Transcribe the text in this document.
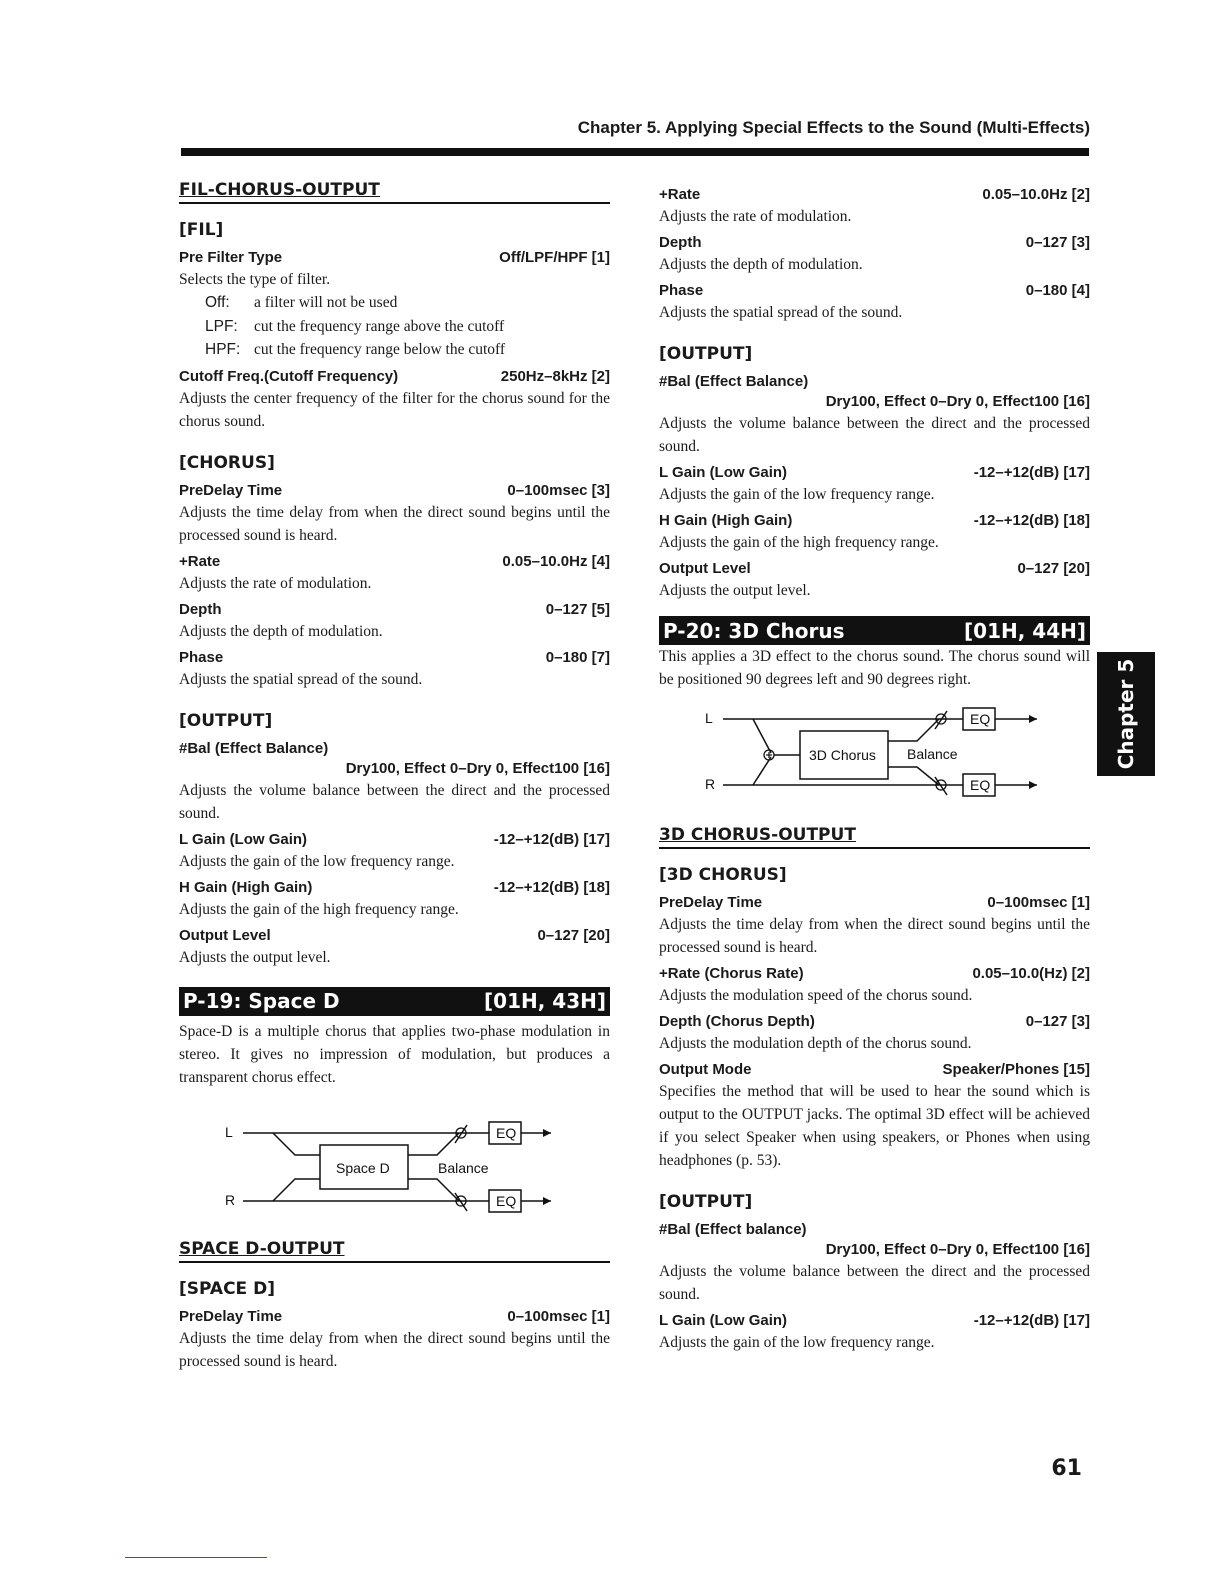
Chapter 5. Applying Special Effects to the Sound (Multi-Effects)
FIL-CHORUS-OUTPUT
[FIL]
Pre Filter Type	Off/LPF/HPF [1]
Selects the type of filter.
Off: a filter will not be used
LPF: cut the frequency range above the cutoff
HPF: cut the frequency range below the cutoff
Cutoff Freq.(Cutoff Frequency)	250Hz–8kHz [2]
Adjusts the center frequency of the filter for the chorus sound for the chorus sound.
[CHORUS]
PreDelay Time	0–100msec [3]
Adjusts the time delay from when the direct sound begins until the processed sound is heard.
+Rate	0.05–10.0Hz [4]
Adjusts the rate of modulation.
Depth	0–127 [5]
Adjusts the depth of modulation.
Phase	0–180 [7]
Adjusts the spatial spread of the sound.
[OUTPUT]
#Bal (Effect Balance)
Dry100, Effect 0–Dry 0, Effect100 [16]
Adjusts the volume balance between the direct and the processed sound.
L Gain (Low Gain)	-12–+12(dB) [17]
Adjusts the gain of the low frequency range.
H Gain (High Gain)	-12–+12(dB) [18]
Adjusts the gain of the high frequency range.
Output Level	0–127 [20]
Adjusts the output level.
P-19: Space D	[01H, 43H]
Space-D is a multiple chorus that applies two-phase modulation in stereo. It gives no impression of modulation, but produces a transparent chorus effect.
L
R
Space D	Balance
EQ
EQ
SPACE D-OUTPUT
[SPACE D]
PreDelay Time	0–100msec [1]
Adjusts the time delay from when the direct sound begins until the processed sound is heard.
+Rate	0.05–10.0Hz [2]
Adjusts the rate of modulation.
Depth	0–127 [3]
Adjusts the depth of modulation.
Phase	0–180 [4]
Adjusts the spatial spread of the sound.
[OUTPUT]
#Bal (Effect Balance)
Dry100, Effect 0–Dry 0, Effect100 [16]
Adjusts the volume balance between the direct and the processed sound.
L Gain (Low Gain)	-12–+12(dB) [17]
Adjusts the gain of the low frequency range.
H Gain (High Gain)	-12–+12(dB) [18]
Adjusts the gain of the high frequency range.
Output Level	0–127 [20]
Adjusts the output level.
P-20: 3D Chorus	[01H, 44H]
This applies a 3D effect to the chorus sound. The chorus sound will be positioned 90 degrees left and 90 degrees right.
L
R
3D Chorus Balance
EQ
EQ
3D CHORUS-OUTPUT
[3D CHORUS]
PreDelay Time	0–100msec [1]
Adjusts the time delay from when the direct sound begins until the processed sound is heard.
+Rate (Chorus Rate)	0.05–10.0(Hz) [2]
Adjusts the modulation speed of the chorus sound.
Depth (Chorus Depth)	0–127 [3]
Adjusts the modulation depth of the chorus sound.
Output Mode	Speaker/Phones [15]
Specifies the method that will be used to hear the sound which is output to the OUTPUT jacks. The optimal 3D effect will be achieved if you select Speaker when using speakers, or Phones when using headphones (p. 53).
[OUTPUT]
#Bal (Effect balance)
Dry100, Effect 0–Dry 0, Effect100 [16]
Adjusts the volume balance between the direct and the processed sound.
L Gain (Low Gain)	-12–+12(dB) [17]
Adjusts the gain of the low frequency range.
Chapter 5
61
